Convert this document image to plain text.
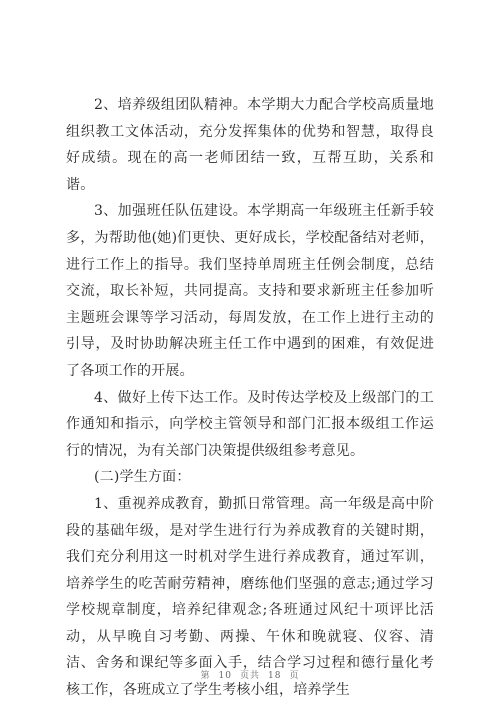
2、培养级组团队精神。本学期大力配合学校高质量地组织教工文体活动，充分发挥集体的优势和智慧，取得良好成绩。现在的高一老师团结一致，互帮互助，关系和谐。

3、加强班任队伍建设。本学期高一年级班主任新手较多，为帮助他(她)们更快、更好成长，学校配备结对老师，进行工作上的指导。我们坚持单周班主任例会制度，总结交流，取长补短，共同提高。支持和要求新班主任参加听主题班会课等学习活动，每周发放，在工作上进行主动的引导，及时协助解决班主任工作中遇到的困难，有效促进了各项工作的开展。

4、做好上传下达工作。及时传达学校及上级部门的工作通知和指示，向学校主管领导和部门汇报本级组工作运行的情况，为有关部门决策提供级组参考意见。

(二)学生方面：

1、重视养成教育，勤抓日常管理。高一年级是高中阶段的基础年级，是对学生进行行为养成教育的关键时期，我们充分利用这一时机对学生进行养成教育，通过军训，培养学生的吃苦耐劳精神，磨练他们坚强的意志;通过学习学校规章制度，培养纪律观念;各班通过风纪十项评比活动，从早晚自习考勤、两操、午休和晚就寝、仪容、清洁、舍务和课纪等多面入手，结合学习过程和德行量化考核工作，各班成立了学生考核小组，培养学生

第 10 页共 18 页
